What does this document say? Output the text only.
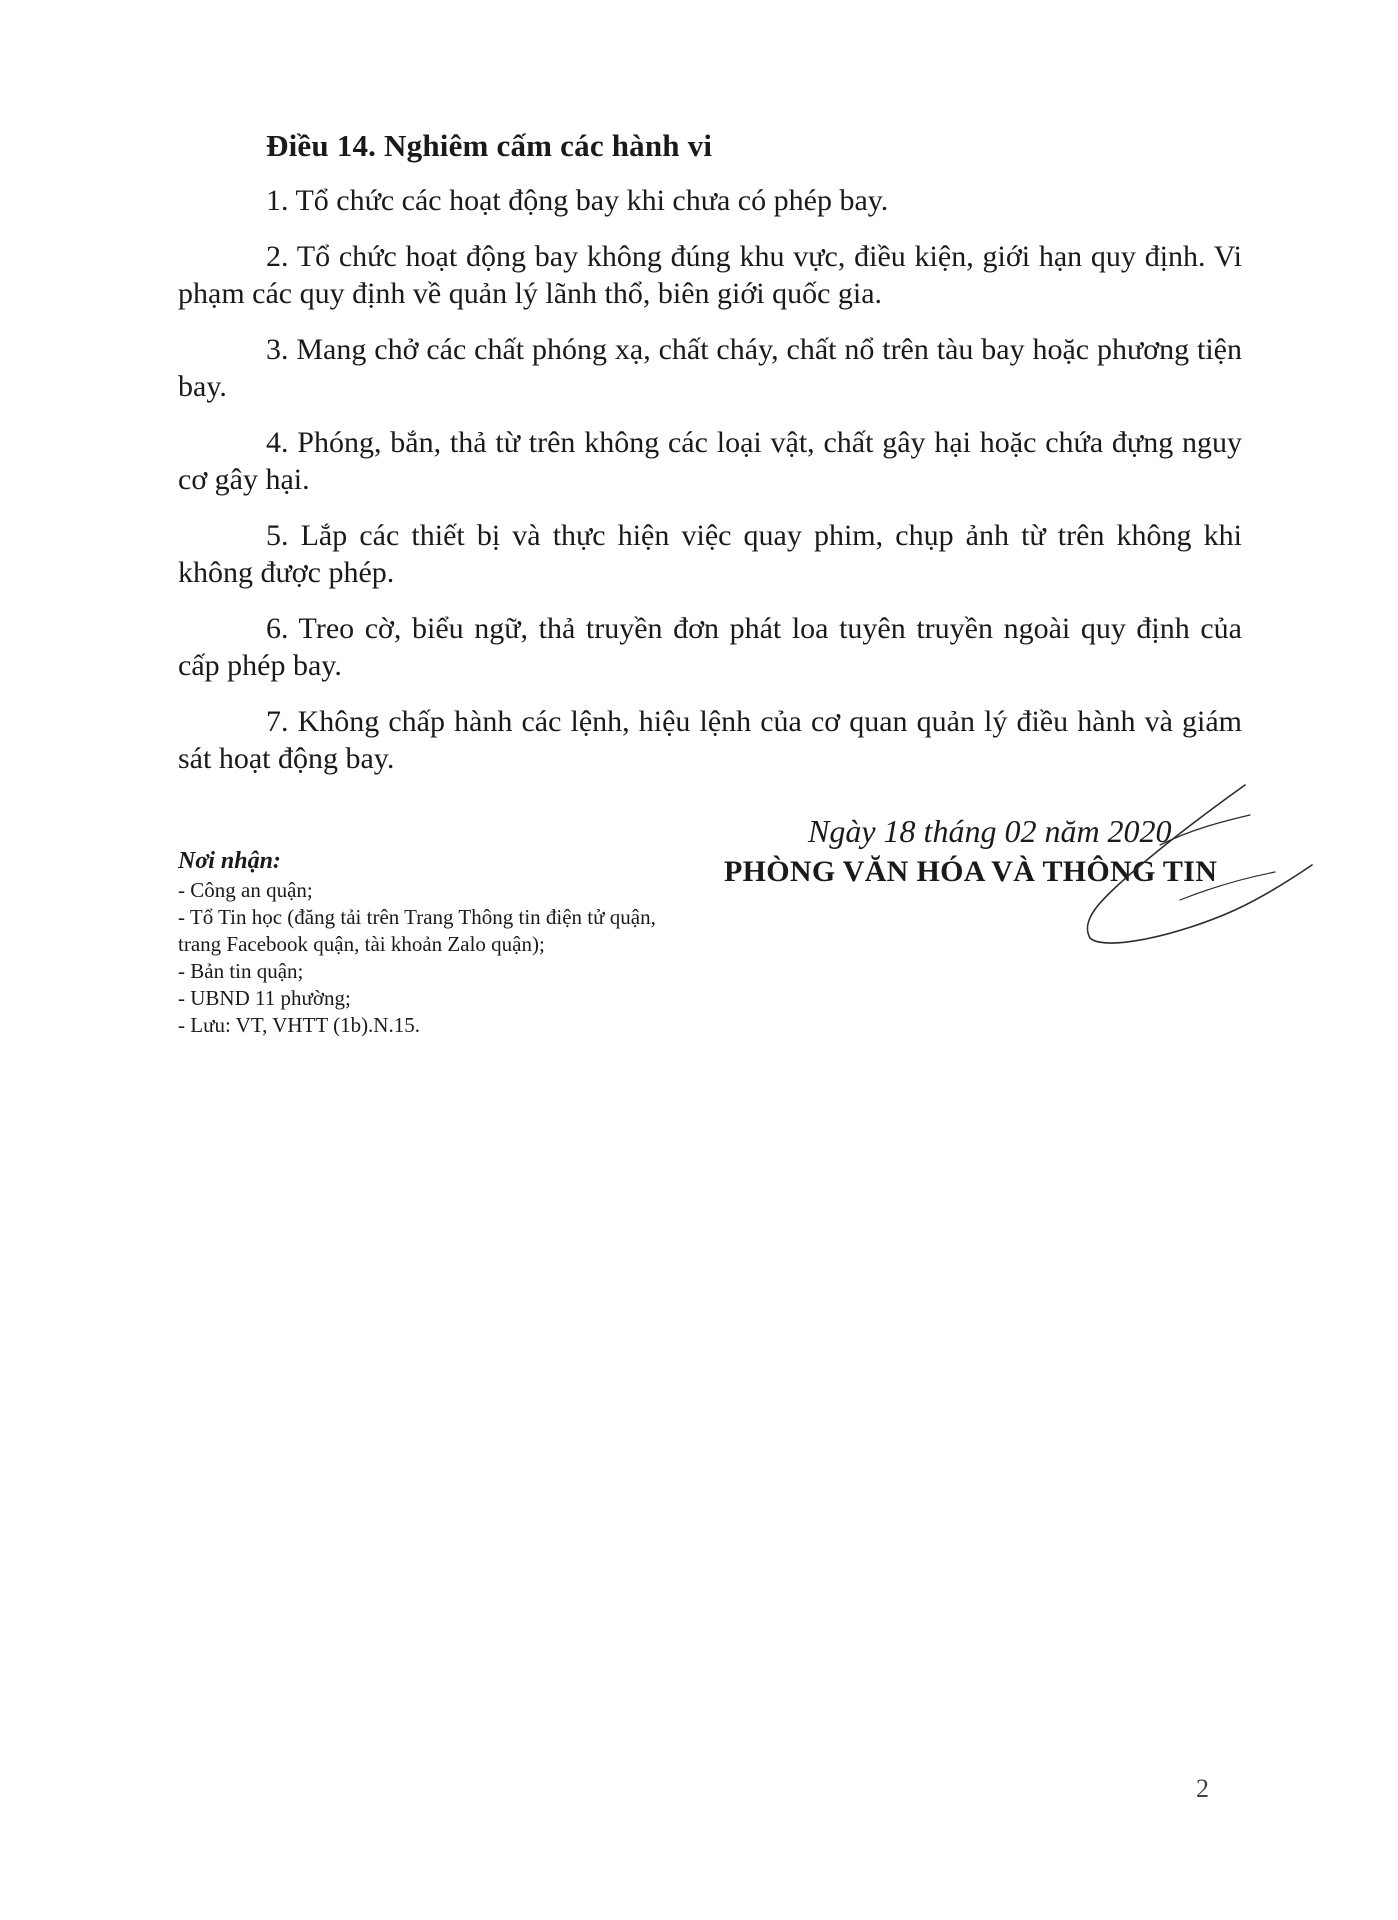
Điều 14. Nghiêm cấm các hành vi

1. Tổ chức các hoạt động bay khi chưa có phép bay.

2. Tổ chức hoạt động bay không đúng khu vực, điều kiện, giới hạn quy định. Vi phạm các quy định về quản lý lãnh thổ, biên giới quốc gia.

3. Mang chở các chất phóng xạ, chất cháy, chất nổ trên tàu bay hoặc phương tiện bay.

4. Phóng, bắn, thả từ trên không các loại vật, chất gây hại hoặc chứa đựng nguy cơ gây hại.

5. Lắp các thiết bị và thực hiện việc quay phim, chụp ảnh từ trên không khi không được phép.

6. Treo cờ, biểu ngữ, thả truyền đơn phát loa tuyên truyền ngoài quy định của cấp phép bay.

7. Không chấp hành các lệnh, hiệu lệnh của cơ quan quản lý điều hành và giám sát hoạt động bay.

Ngày 18 tháng 02 năm 2020
PHÒNG VĂN HÓA VÀ THÔNG TIN
Nơi nhận:
- Công an quận;
- Tổ Tin học (đăng tải trên Trang Thông tin điện tử quận, trang Facebook quận, tài khoản Zalo quận);
- Bản tin quận;
- UBND 11 phường;
- Lưu: VT, VHTT (1b).N.15.
2
